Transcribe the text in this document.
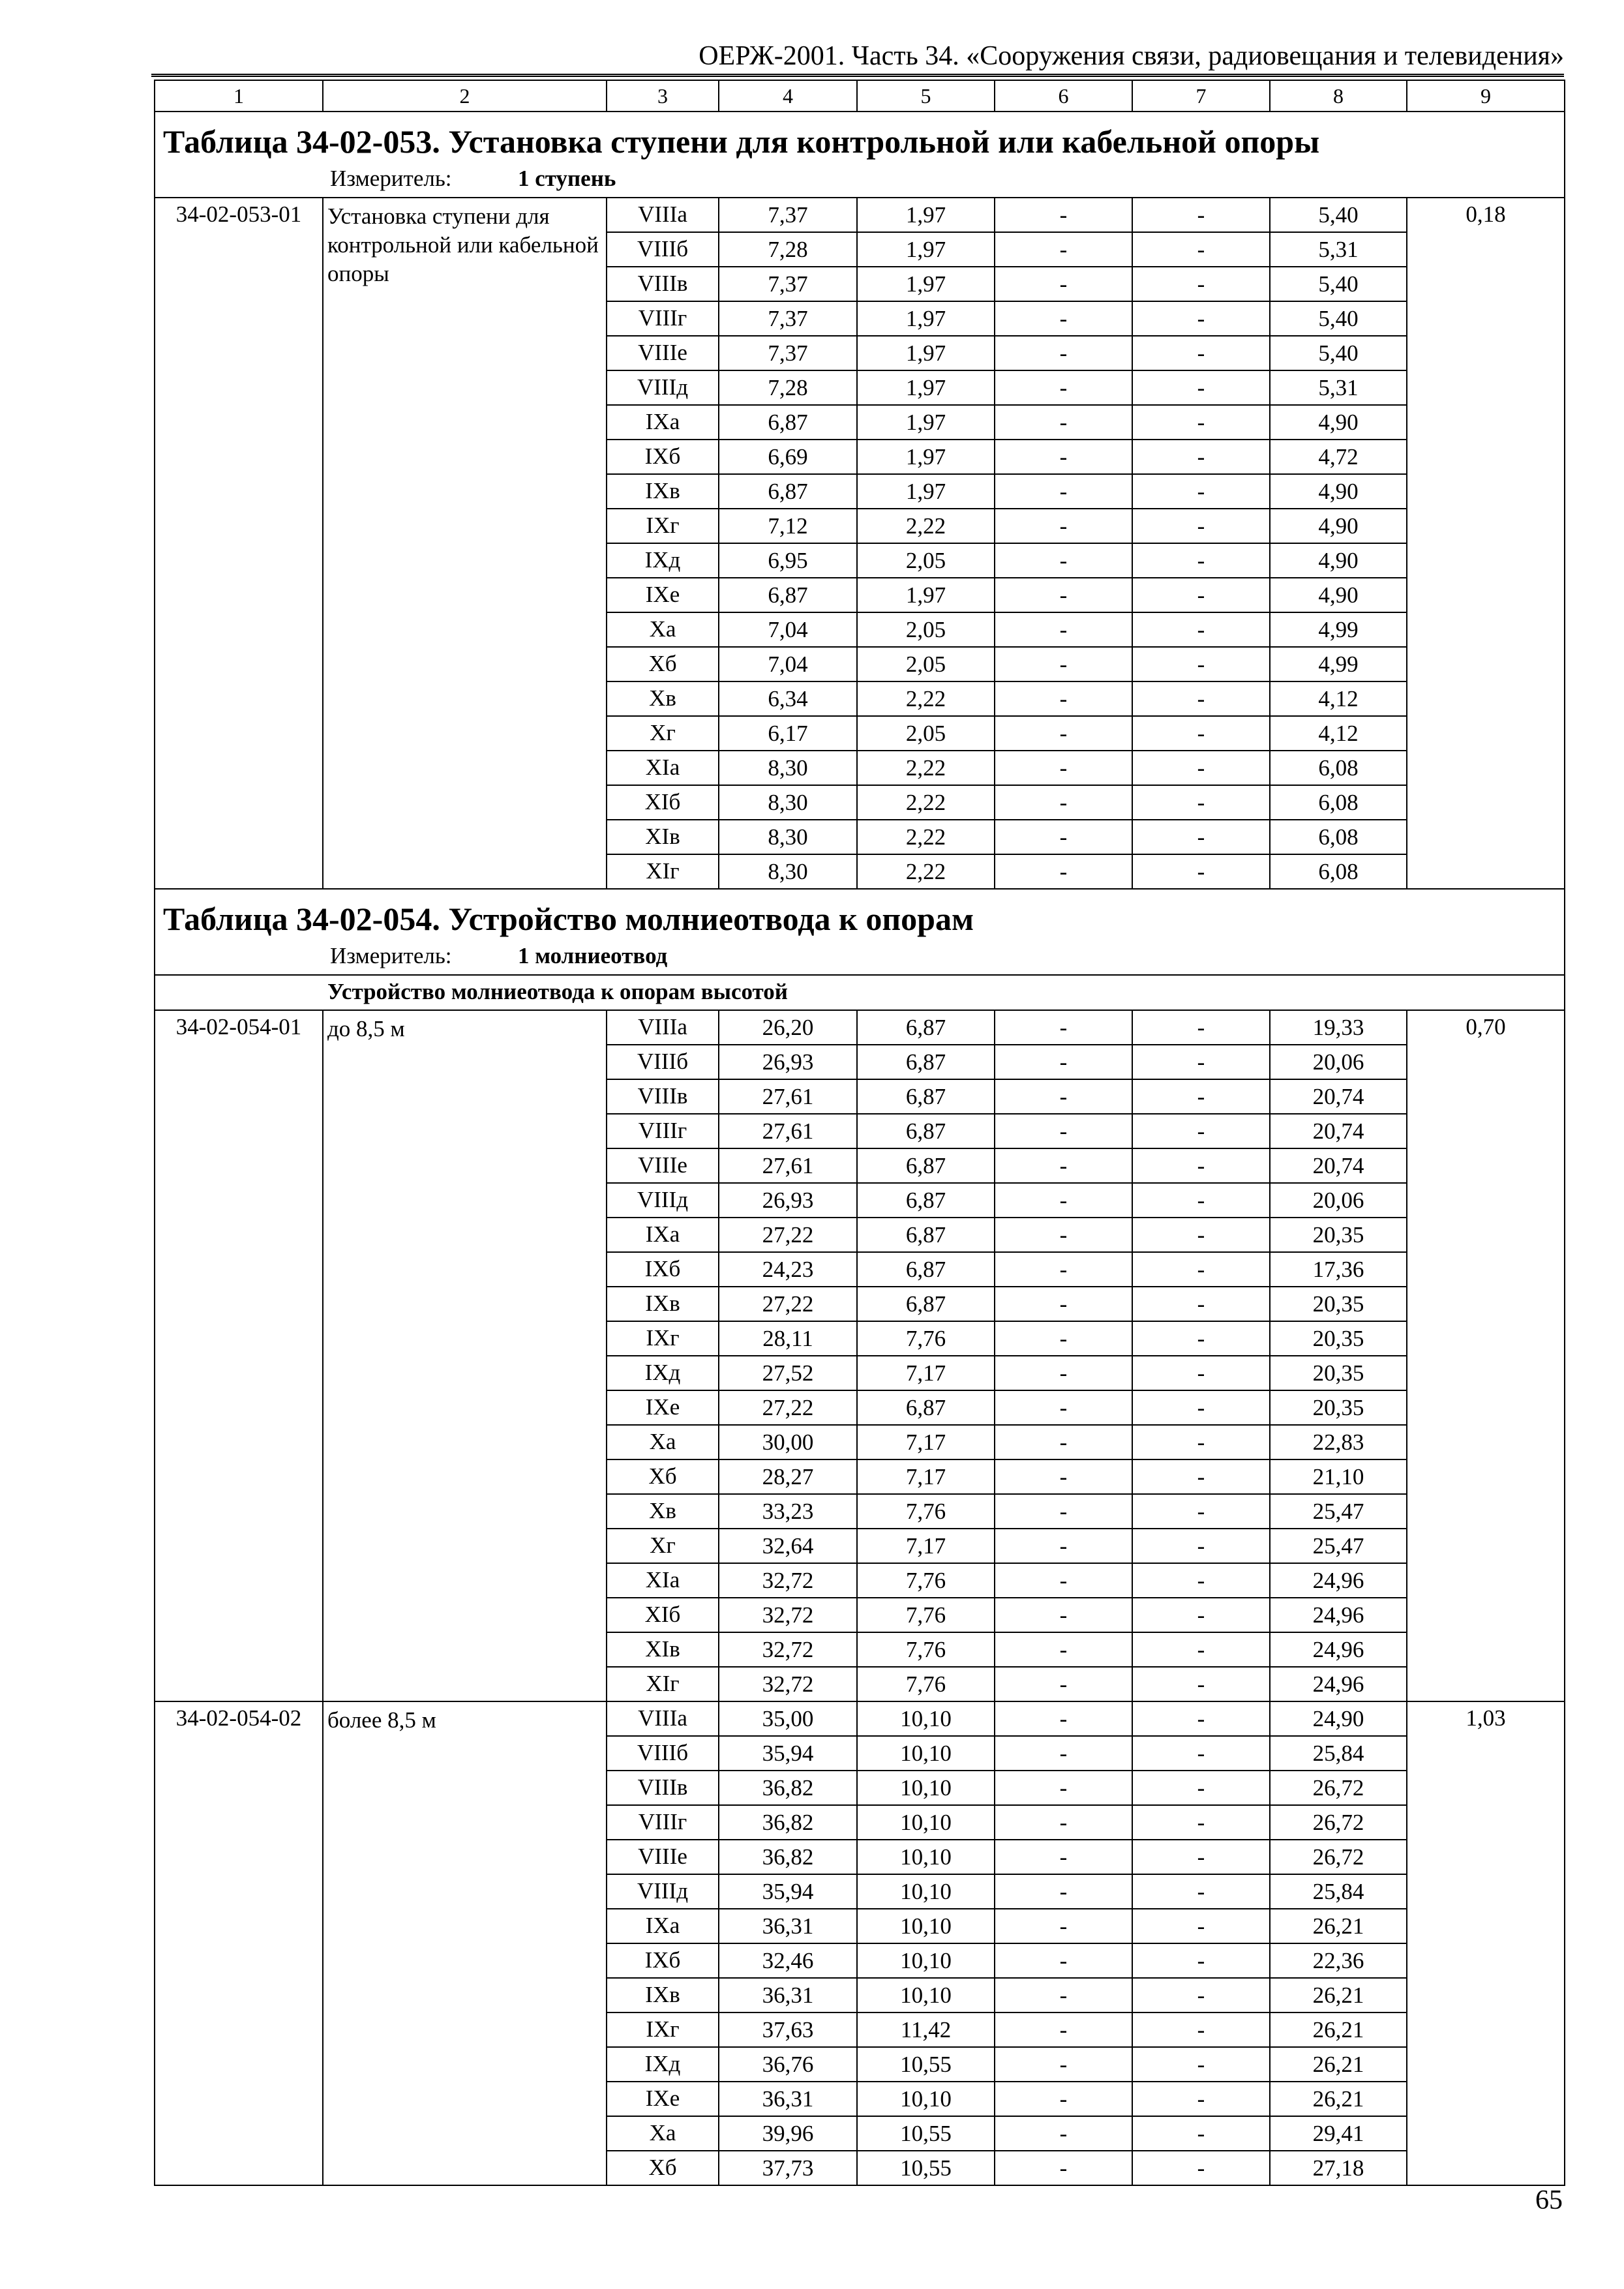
ОЕРЖ-2001. Часть 34. «Сооружения связи, радиовещания и телевидения»
1	2	3	4	5	6	7	8	9

Таблица 34-02-053. Установка ступени для контрольной или кабельной опоры								

Измеритель: 1 ступень								
34-02-053-01	Установка ступени для контрольной или кабельной опоры	VIIIа	7,37	1,97	-	-	5,40	0,18
		VIIIб	7,28	1,97	-	-	5,31	
		VIIIв	7,37	1,97	-	-	5,40	
		VIIIг	7,37	1,97	-	-	5,40	
		VIIIе	7,37	1,97	-	-	5,40	
		VIIIд	7,28	1,97	-	-	5,31	
		IXа	6,87	1,97	-	-	4,90	
		IXб	6,69	1,97	-	-	4,72	
		IXв	6,87	1,97	-	-	4,90	
		IXг	7,12	2,22	-	-	4,90	
		IXд	6,95	2,05	-	-	4,90	
		IXе	6,87	1,97	-	-	4,90	
		Xа	7,04	2,05	-	-	4,99	
		Xб	7,04	2,05	-	-	4,99	
		Xв	6,34	2,22	-	-	4,12	
		Xг	6,17	2,05	-	-	4,12	
		XIа	8,30	2,22	-	-	6,08	
		XIб	8,30	2,22	-	-	6,08	
		XIв	8,30	2,22	-	-	6,08	
		XIг	8,30	2,22	-	-	6,08	

Таблица 34-02-054. Устройство молниеотвода к опорам								

Измеритель: 1 молниеотвод								
Устройство молниеотвода к опорам высотой								
34-02-054-01	до 8,5 м	VIIIа	26,20	6,87	-	-	19,33	0,70
		VIIIб	26,93	6,87	-	-	20,06	
		VIIIв	27,61	6,87	-	-	20,74	
		VIIIг	27,61	6,87	-	-	20,74	
		VIIIе	27,61	6,87	-	-	20,74	
		VIIIд	26,93	6,87	-	-	20,06	
		IXа	27,22	6,87	-	-	20,35	
		IXб	24,23	6,87	-	-	17,36	
		IXв	27,22	6,87	-	-	20,35	
		IXг	28,11	7,76	-	-	20,35	
		IXд	27,52	7,17	-	-	20,35	
		IXе	27,22	6,87	-	-	20,35	
		Xа	30,00	7,17	-	-	22,83	
		Xб	28,27	7,17	-	-	21,10	
		Xв	33,23	7,76	-	-	25,47	
		Xг	32,64	7,17	-	-	25,47	
		XIа	32,72	7,76	-	-	24,96	
		XIб	32,72	7,76	-	-	24,96	
		XIв	32,72	7,76	-	-	24,96	
		XIг	32,72	7,76	-	-	24,96	
34-02-054-02	более 8,5 м	VIIIа	35,00	10,10	-	-	24,90	1,03
		VIIIб	35,94	10,10	-	-	25,84	
		VIIIв	36,82	10,10	-	-	26,72	
		VIIIг	36,82	10,10	-	-	26,72	
		VIIIе	36,82	10,10	-	-	26,72	
		VIIIд	35,94	10,10	-	-	25,84	
		IXа	36,31	10,10	-	-	26,21	
		IXб	32,46	10,10	-	-	22,36	
		IXв	36,31	10,10	-	-	26,21	
		IXг	37,63	11,42	-	-	26,21	
		IXд	36,76	10,55	-	-	26,21	
		IXе	36,31	10,10	-	-	26,21	
		Xа	39,96	10,55	-	-	29,41	
		Xб	37,73	10,55	-	-	27,18	
65
